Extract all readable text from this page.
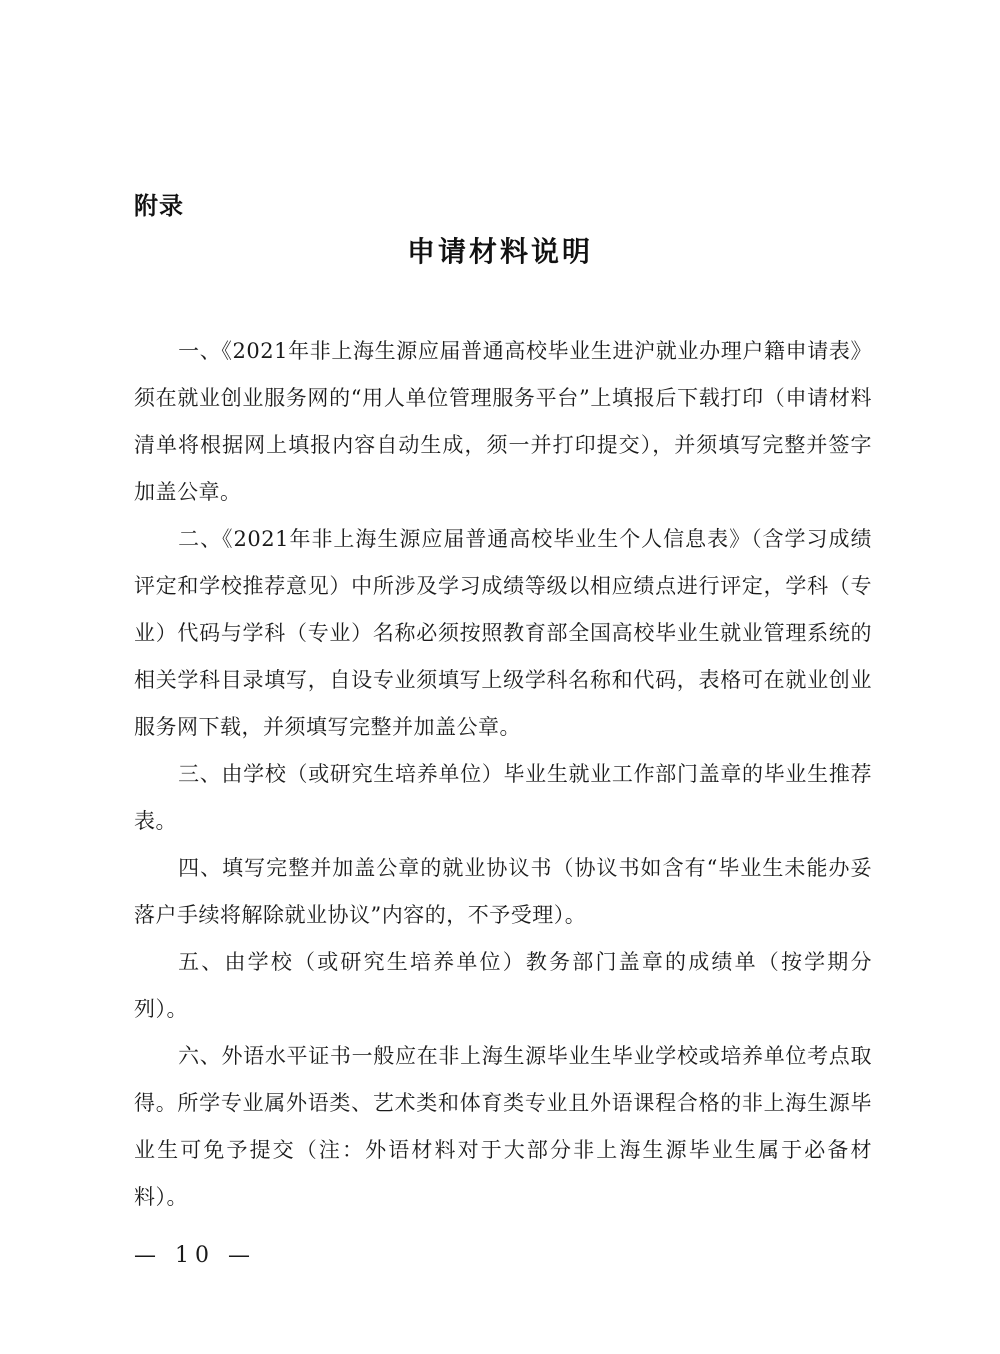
附录
申请材料说明

一、《2021年非上海生源应届普通高校毕业生进沪就业办理户籍申请表》须在就业创业服务网的“用人单位管理服务平台”上填报后下载打印（申请材料清单将根据网上填报内容自动生成，须一并打印提交），并须填写完整并签字加盖公章。

二、《2021年非上海生源应届普通高校毕业生个人信息表》（含学习成绩评定和学校推荐意见）中所涉及学习成绩等级以相应绩点进行评定，学科（专业）代码与学科（专业）名称必须按照教育部全国高校毕业生就业管理系统的相关学科目录填写，自设专业须填写上级学科名称和代码，表格可在就业创业服务网下载，并须填写完整并加盖公章。

三、由学校（或研究生培养单位）毕业生就业工作部门盖章的毕业生推荐表。

四、填写完整并加盖公章的就业协议书（协议书如含有“毕业生未能办妥落户手续将解除就业协议”内容的，不予受理）。

五、由学校（或研究生培养单位）教务部门盖章的成绩单（按学期分列）。

六、外语水平证书一般应在非上海生源毕业生毕业学校或培养单位考点取得。所学专业属外语类、艺术类和体育类专业且外语课程合格的非上海生源毕业生可免予提交（注：外语材料对于大部分非上海生源毕业生属于必备材料）。

— 10 —
